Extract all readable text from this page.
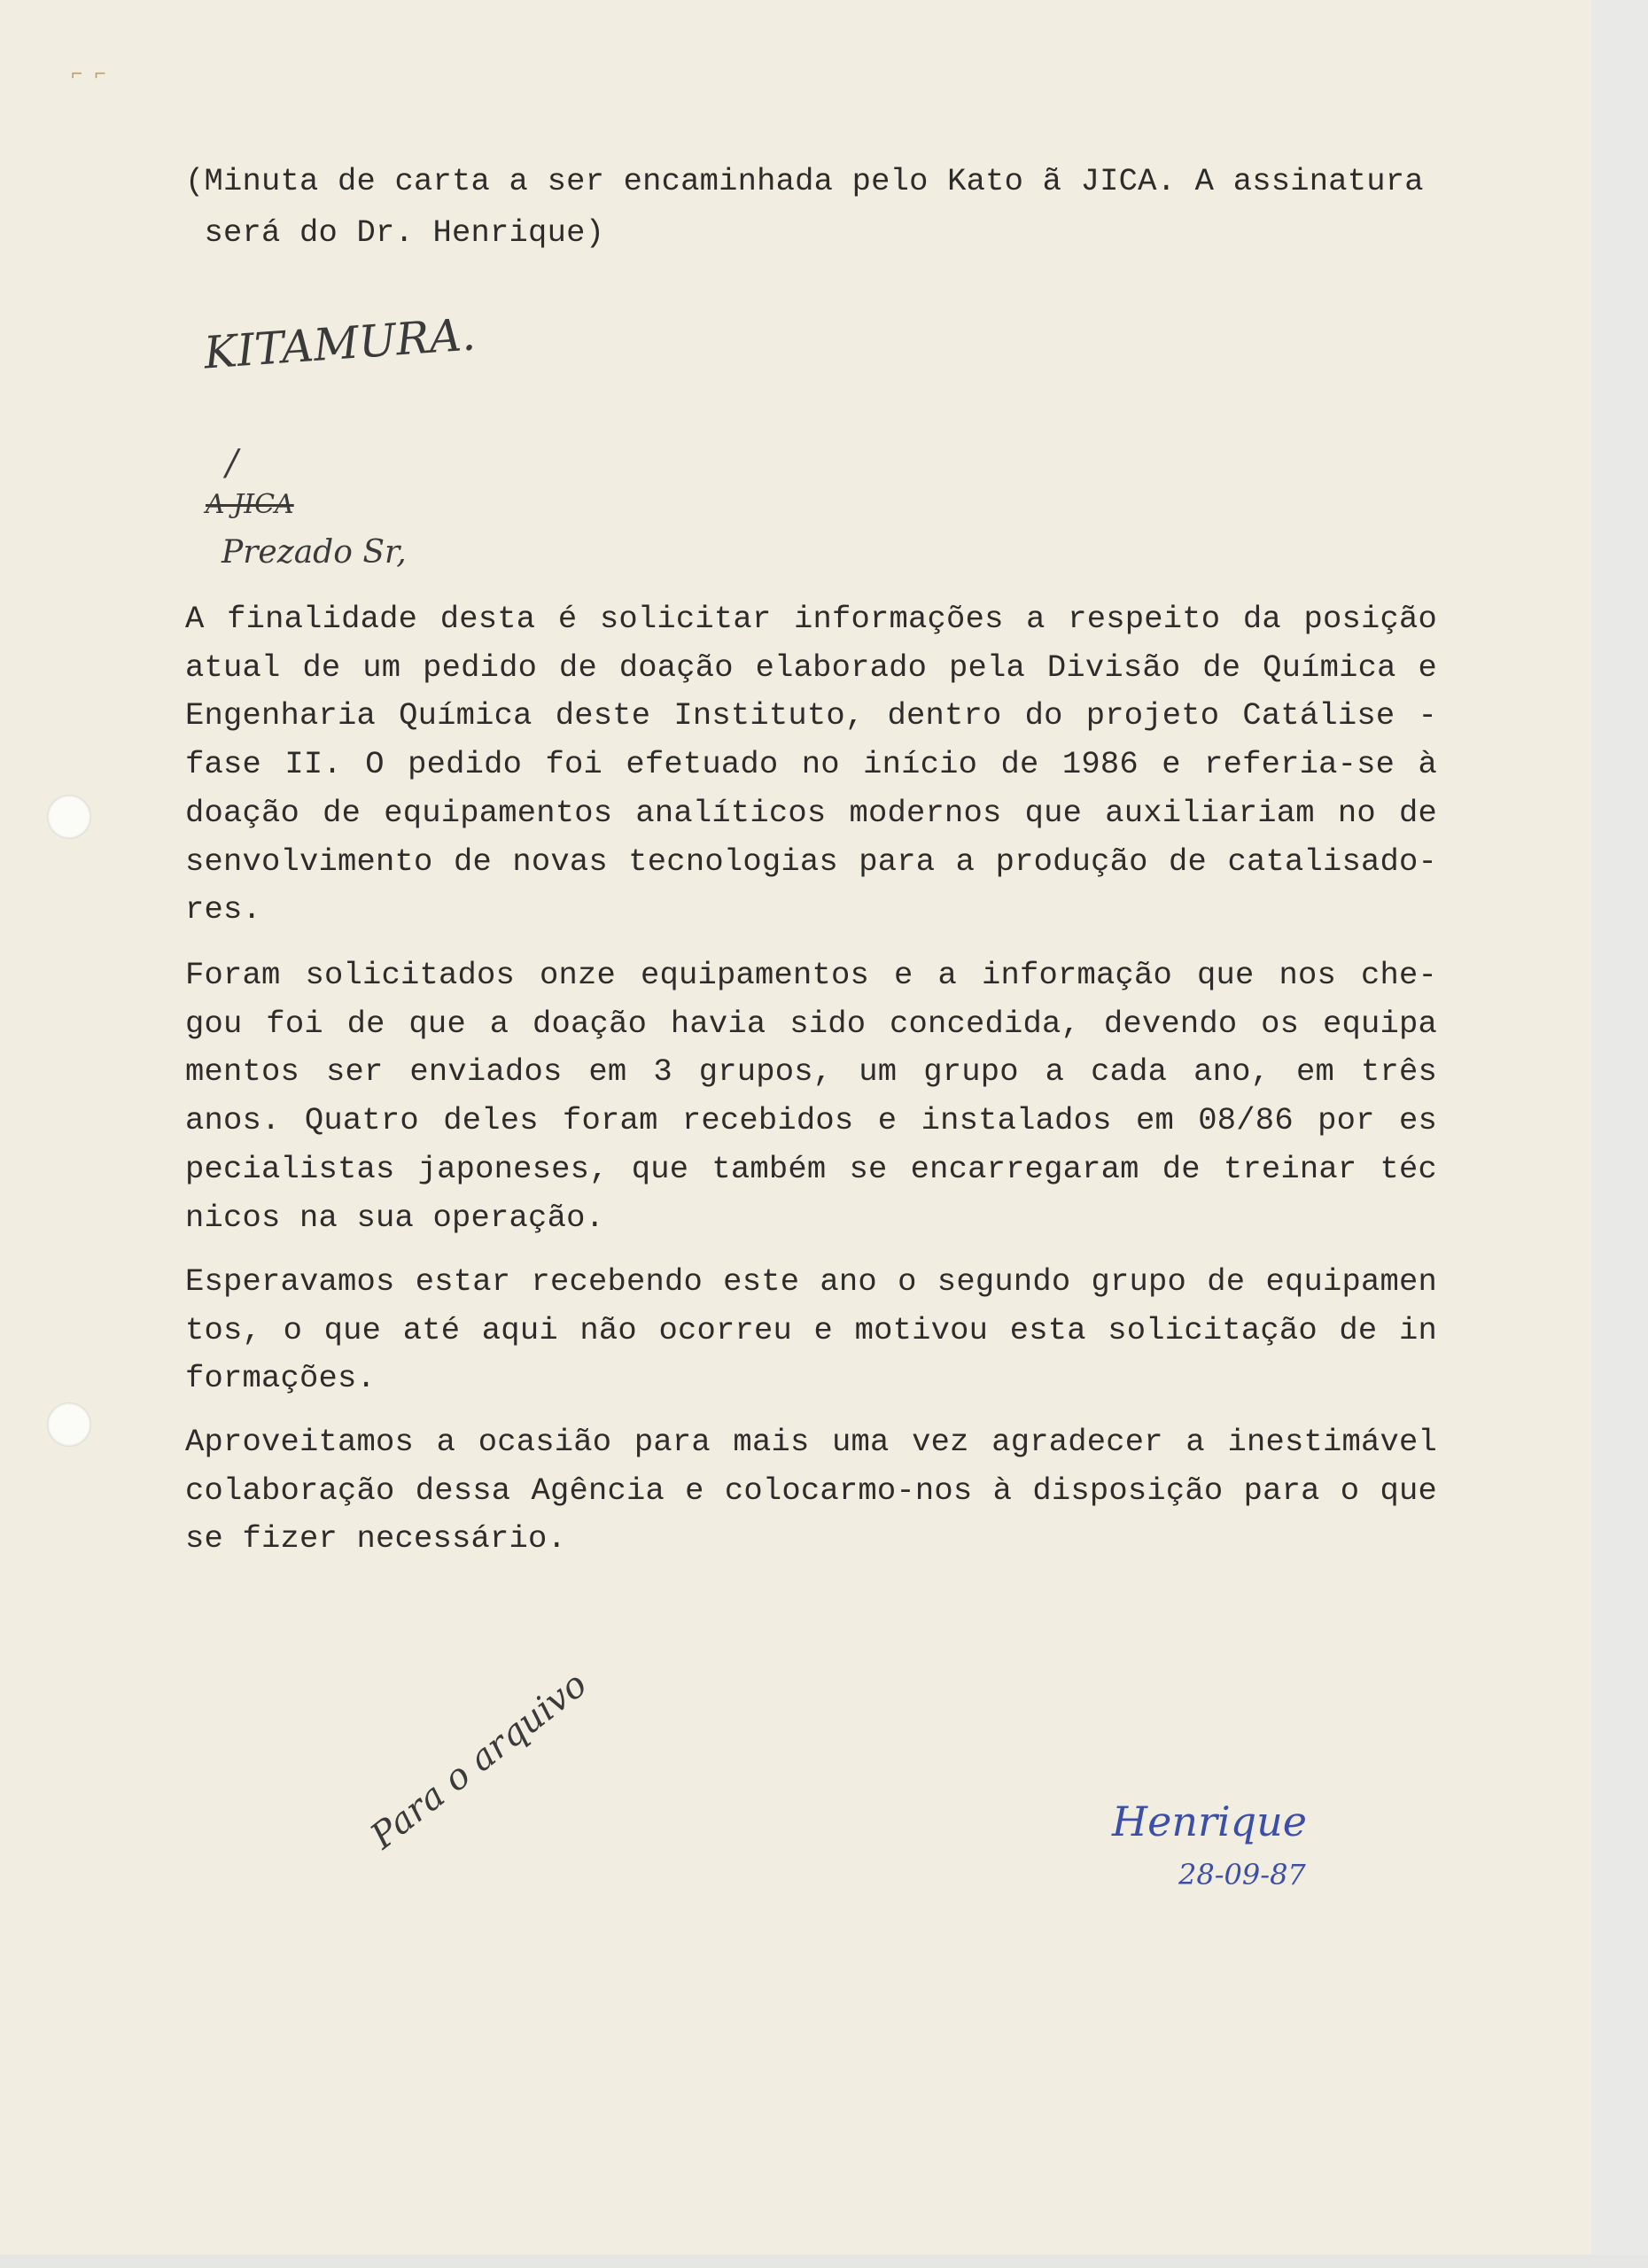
⌐ ⌐
(Minuta de carta a ser encaminhada pelo Kato ã JICA. A assinatura
será do Dr. Henrique)
KITAMURA.
/
A JICA
Prezado Sr,
A finalidade desta é solicitar informações a respeito da posição
atual de um pedido de doação elaborado pela Divisão de Química e
Engenharia Química deste Instituto, dentro do projeto Catálise -
fase II. O pedido foi efetuado no início de 1986 e referia-se à
doação de equipamentos analíticos modernos que auxiliariam no de
senvolvimento de novas tecnologias para a produção de catalisado-
res.
Foram solicitados onze equipamentos e a informação que nos che-
gou foi de que a doação havia sido concedida, devendo os equipa
mentos ser enviados em 3 grupos, um grupo a cada ano, em três
anos. Quatro deles foram recebidos e instalados em 08/86 por es
pecialistas japoneses, que também se encarregaram de treinar téc
nicos na sua operação.
Esperavamos estar recebendo este ano o segundo grupo de equipamen
tos, o que até aqui não ocorreu e motivou esta solicitação de in
formações.
Aproveitamos a ocasião para mais uma vez agradecer a inestimável
colaboração dessa Agência e colocarmo-nos à disposição para o que
se fizer necessário.
Para o arquivo	Henrique
28-09-87
